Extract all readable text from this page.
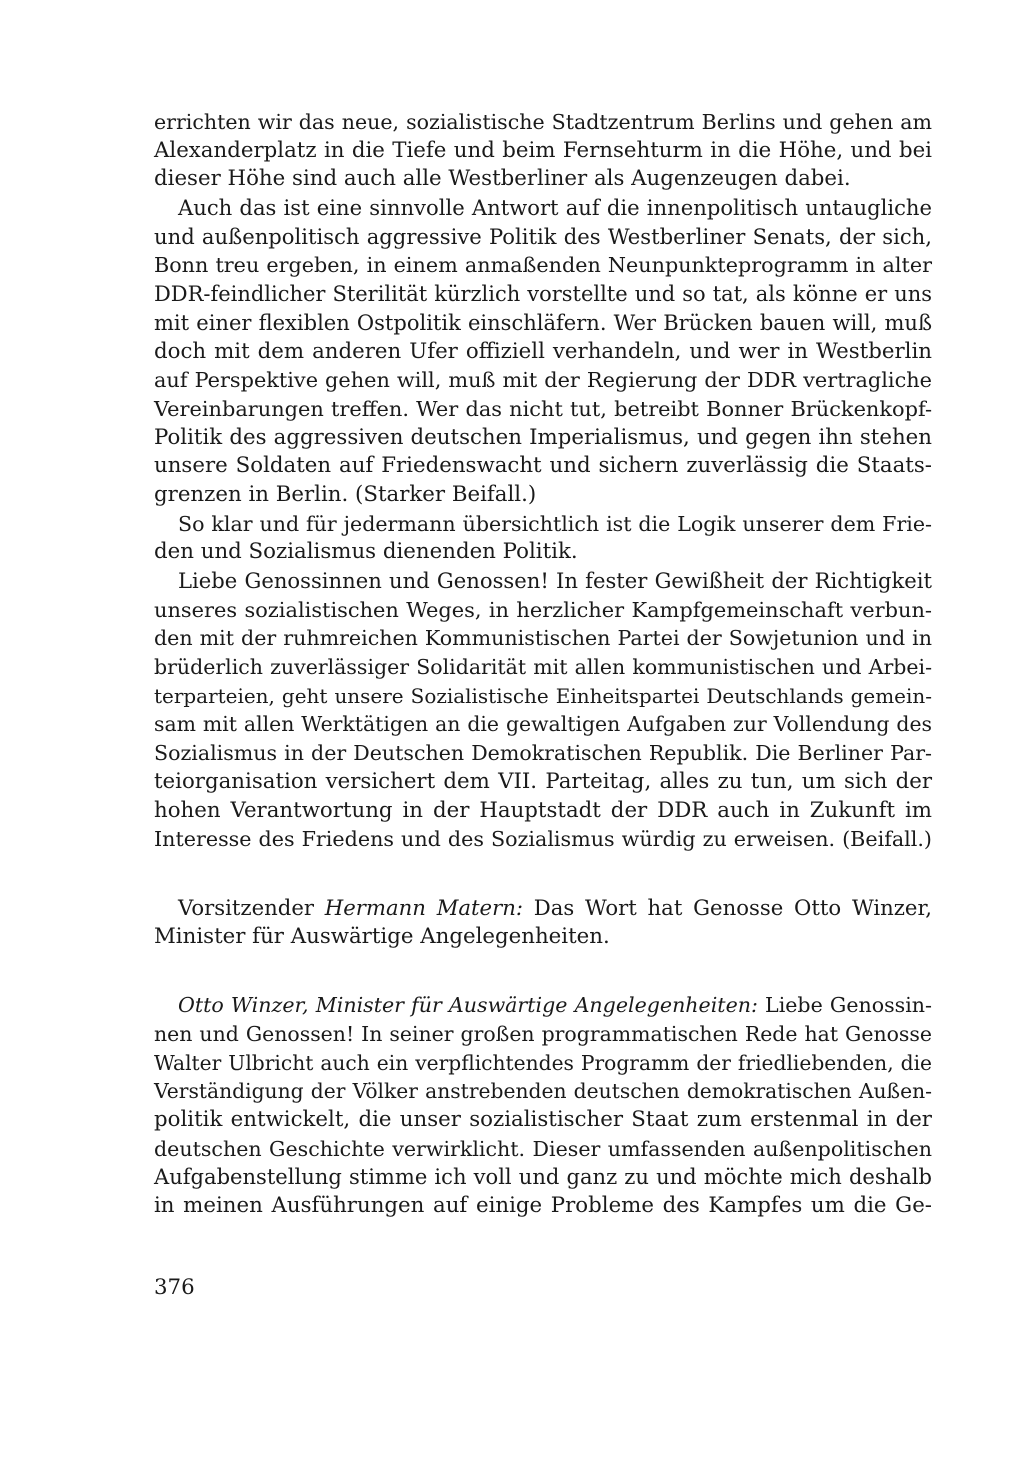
errichten wir das neue, sozialistische Stadtzentrum Berlins und gehen am
Alexanderplatz in die Tiefe und beim Fernsehturm in die Höhe, und bei
dieser Höhe sind auch alle Westberliner als Augenzeugen dabei.
Auch das ist eine sinnvolle Antwort auf die innenpolitisch untaugliche
und außenpolitisch aggressive Politik des Westberliner Senats, der sich,
Bonn treu ergeben, in einem anmaßenden Neunpunkteprogramm in alter
DDR-feindlicher Sterilität kürzlich vorstellte und so tat, als könne er uns
mit einer flexiblen Ostpolitik einschläfern. Wer Brücken bauen will, muß
doch mit dem anderen Ufer offiziell verhandeln, und wer in Westberlin
auf Perspektive gehen will, muß mit der Regierung der DDR vertragliche
Vereinbarungen treffen. Wer das nicht tut, betreibt Bonner Brückenkopf-
Politik des aggressiven deutschen Imperialismus, und gegen ihn stehen
unsere Soldaten auf Friedenswacht und sichern zuverlässig die Staats-
grenzen in Berlin. (Starker Beifall.)
So klar und für jedermann übersichtlich ist die Logik unserer dem Frie-
den und Sozialismus dienenden Politik.
Liebe Genossinnen und Genossen! In fester Gewißheit der Richtigkeit
unseres sozialistischen Weges, in herzlicher Kampfgemeinschaft verbun-
den mit der ruhmreichen Kommunistischen Partei der Sowjetunion und in
brüderlich zuverlässiger Solidarität mit allen kommunistischen und Arbei-
terparteien, geht unsere Sozialistische Einheitspartei Deutschlands gemein-
sam mit allen Werktätigen an die gewaltigen Aufgaben zur Vollendung des
Sozialismus in der Deutschen Demokratischen Republik. Die Berliner Par-
teiorganisation versichert dem VII. Parteitag, alles zu tun, um sich der
hohen Verantwortung in der Hauptstadt der DDR auch in Zukunft im
Interesse des Friedens und des Sozialismus würdig zu erweisen. (Beifall.)
Vorsitzender Hermann Matern: Das Wort hat Genosse Otto Winzer,
Minister für Auswärtige Angelegenheiten.
Otto Winzer, Minister für Auswärtige Angelegenheiten: Liebe Genossin-
nen und Genossen! In seiner großen programmatischen Rede hat Genosse
Walter Ulbricht auch ein verpflichtendes Programm der friedliebenden, die
Verständigung der Völker anstrebenden deutschen demokratischen Außen-
politik entwickelt, die unser sozialistischer Staat zum erstenmal in der
deutschen Geschichte verwirklicht. Dieser umfassenden außenpolitischen
Aufgabenstellung stimme ich voll und ganz zu und möchte mich deshalb
in meinen Ausführungen auf einige Probleme des Kampfes um die Ge-
376
